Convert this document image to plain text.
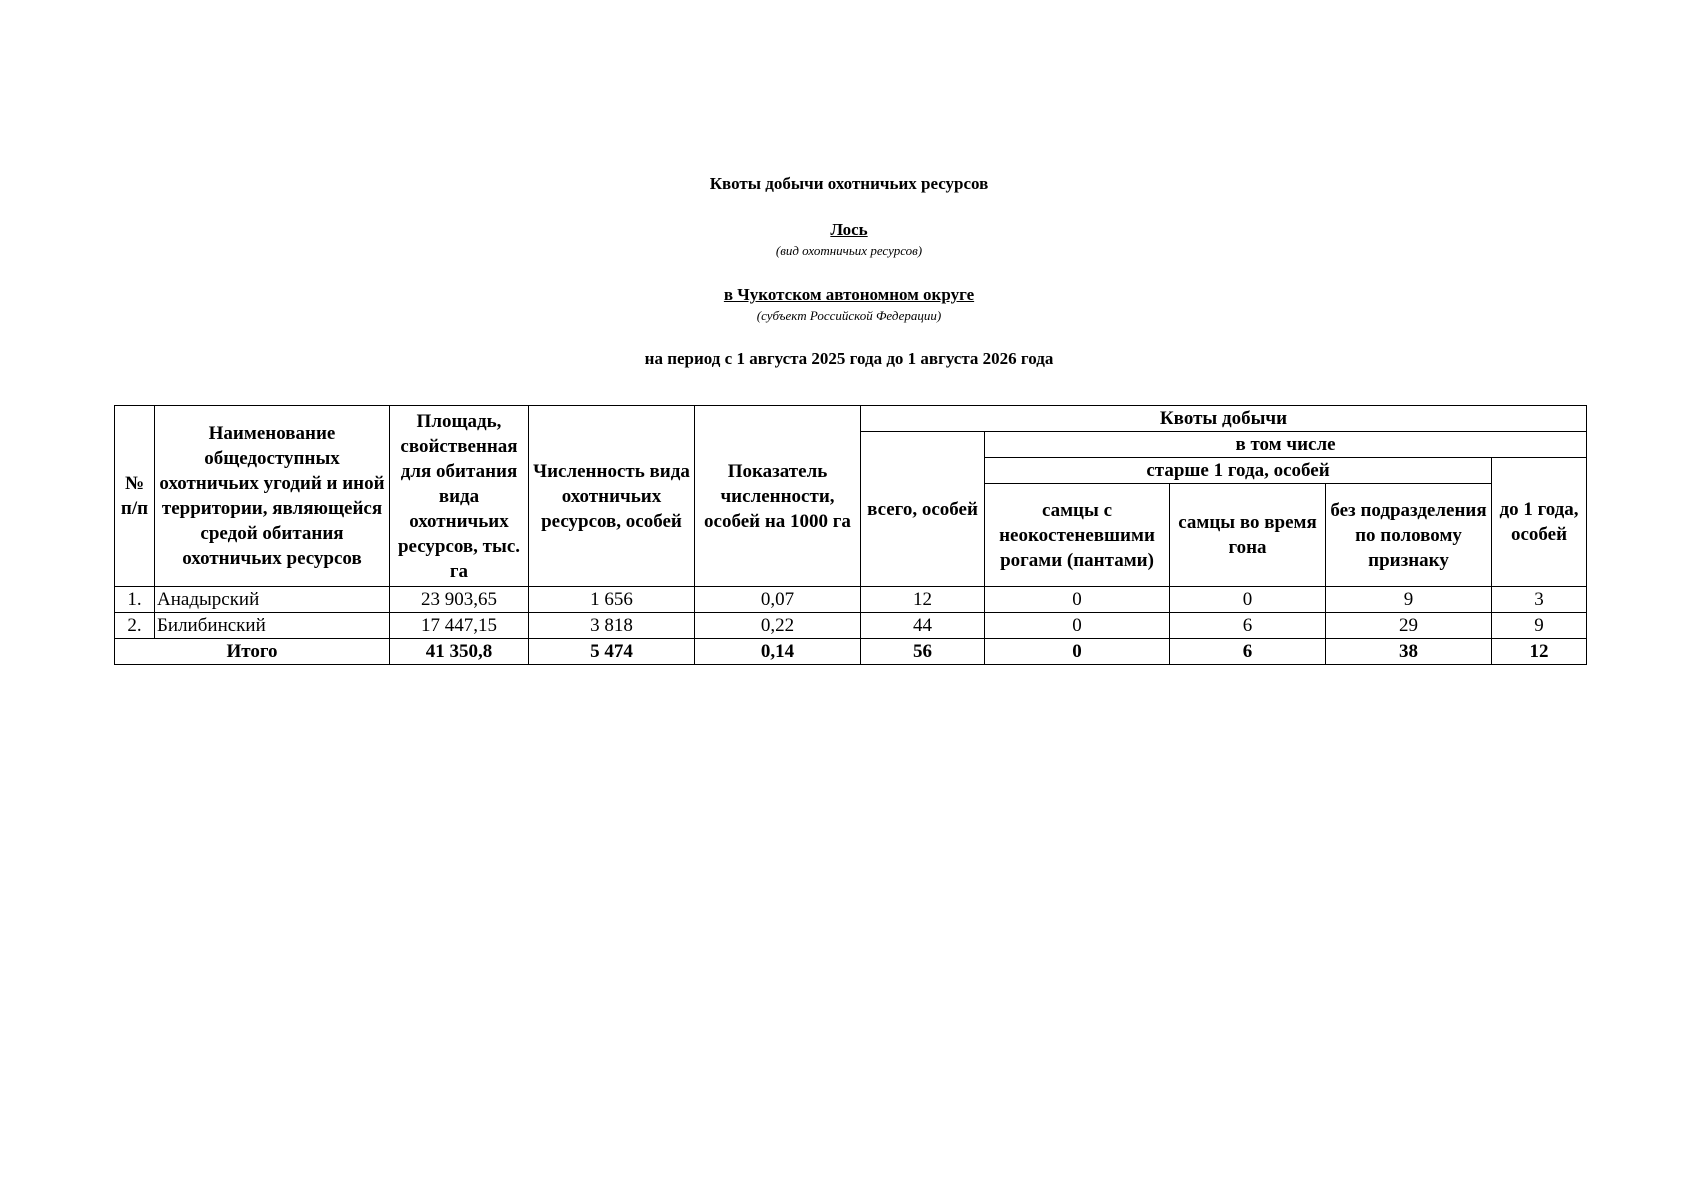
Квоты добычи охотничьих ресурсов
Лось
(вид охотничьих ресурсов)
в Чукотском автономном округе
(субъект Российской Федерации)
на период с 1 августа 2025 года до 1 августа 2026 года
№ п/п	Наименование общедоступных охотничьих угодий и иной территории, являющейся средой обитания охотничьих ресурсов	Площадь, свойственная для обитания вида охотничьих ресурсов, тыс. га	Численность вида охотничьих ресурсов, особей	Показатель численности, особей на 1000 га	Квоты добычи				
					всего, особей	в том числе			
						старше 1 года, особей			до 1 года, особей
						самцы с неокостеневшими рогами (пантами)	самцы во время гона	без подразделения по половому признаку	
1.	Анадырский	23 903,65	1 656	0,07	12	0	0	9	3
2.	Билибинский	17 447,15	3 818	0,22	44	0	6	29	9
Итого		41 350,8	5 474	0,14	56	0	6	38	12
